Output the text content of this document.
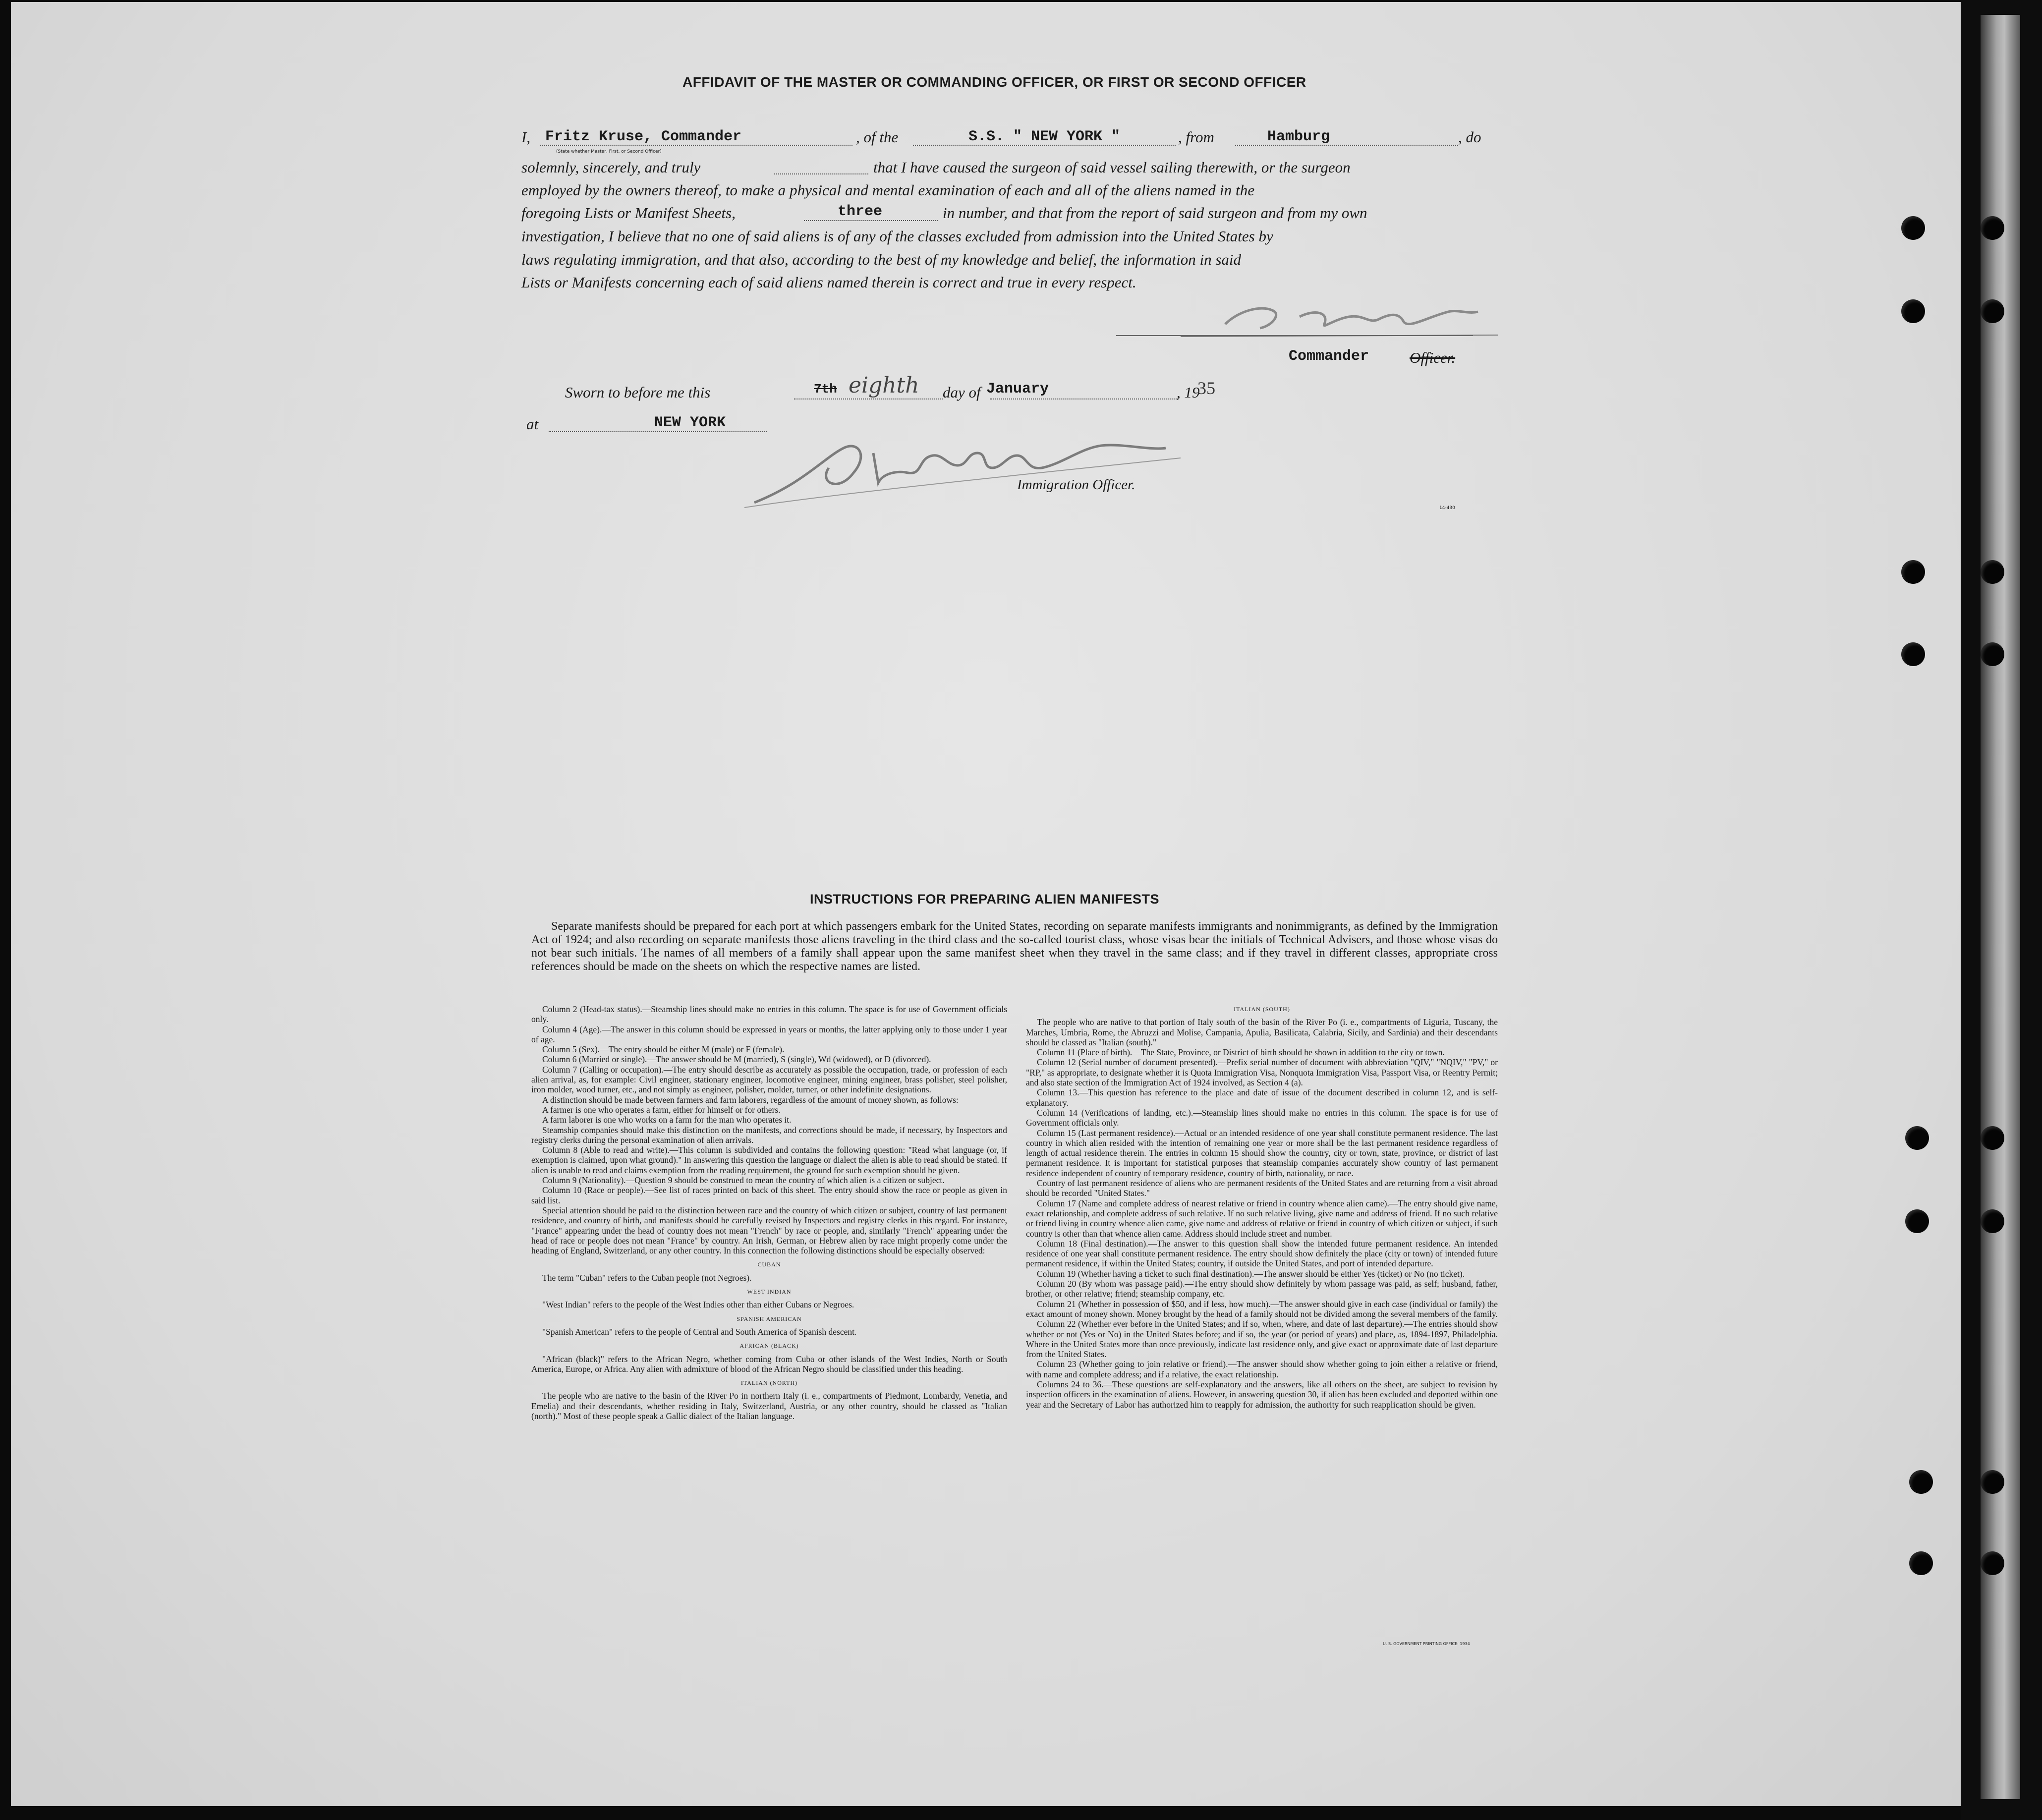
AFFIDAVIT OF THE MASTER OR COMMANDING OFFICER, OR FIRST OR SECOND OFFICER
I, Fritz Kruse, Commander
(State whether Master, First, or Second Officer)
, of the	S.S. " NEW YORK "	, from	Hamburg	, do
solemnly, sincerely, and truly	that I have caused the surgeon of said vessel sailing therewith, or the surgeon
employed by the owners thereof, to make a physical and mental examination of each and all of the aliens named in the
foregoing Lists or Manifest Sheets,	three	in number, and that from the report of said surgeon and from my own
investigation, I believe that no one of said aliens is of any of the classes excluded from admission into the United States by
laws regulating immigration, and that also, according to the best of my knowledge and belief, the information in said
Lists or Manifests concerning each of said aliens named therein is correct and true in every respect.
Commander	Officer.
Sworn to before me this	7th eighth day of January	, 19
35
at	NEW YORK
Immigration Officer.
14-430
INSTRUCTIONS FOR PREPARING ALIEN MANIFESTS
Separate manifests should be prepared for each port at which passengers embark for the United States, recording on separate manifests immigrants and nonimmigrants, as defined by the Immigration Act of 1924; and also recording on separate manifests those aliens traveling in the third class and the so-called tourist class, whose visas bear the initials of Technical Advisers, and those whose visas do not bear such initials. The names of all members of a family shall appear upon the same manifest sheet when they travel in the same class; and if they travel in different classes, appropriate cross references should be made on the sheets on which the respective names are listed.

Column 2 (Head-tax status).—Steamship lines should make no entries in this column. The space is for use of Government officials only.

Column 4 (Age).—The answer in this column should be expressed in years or months, the latter applying only to those under 1 year of age.

Column 5 (Sex).—The entry should be either M (male) or F (female).

Column 6 (Married or single).—The answer should be M (married), S (single), Wd (widowed), or D (divorced).

Column 7 (Calling or occupation).—The entry should describe as accurately as possible the occupation, trade, or profession of each alien arrival, as, for example: Civil engineer, stationary engineer, locomotive engineer, mining engineer, brass polisher, steel polisher, iron molder, wood turner, etc., and not simply as engineer, polisher, molder, turner, or other indefinite designations.

A distinction should be made between farmers and farm laborers, regardless of the amount of money shown, as follows:

A farmer is one who operates a farm, either for himself or for others.

A farm laborer is one who works on a farm for the man who operates it.

Steamship companies should make this distinction on the manifests, and corrections should be made, if necessary, by Inspectors and registry clerks during the personal examination of alien arrivals.

Column 8 (Able to read and write).—This column is subdivided and contains the following question: "Read what language (or, if exemption is claimed, upon what ground)." In answering this question the language or dialect the alien is able to read should be stated. If alien is unable to read and claims exemption from the reading requirement, the ground for such exemption should be given.

Column 9 (Nationality).—Question 9 should be construed to mean the country of which alien is a citizen or subject.

Column 10 (Race or people).—See list of races printed on back of this sheet. The entry should show the race or people as given in said list.

Special attention should be paid to the distinction between race and the country of which citizen or subject, country of last permanent residence, and country of birth, and manifests should be carefully revised by Inspectors and registry clerks in this regard. For instance, "France" appearing under the head of country does not mean "French" by race or people, and, similarly "French" appearing under the head of race or people does not mean "France" by country. An Irish, German, or Hebrew alien by race might properly come under the heading of England, Switzerland, or any other country. In this connection the following distinctions should be especially observed:

CUBAN

The term "Cuban" refers to the Cuban people (not Negroes).

WEST INDIAN

"West Indian" refers to the people of the West Indies other than either Cubans or Negroes.

SPANISH AMERICAN

"Spanish American" refers to the people of Central and South America of Spanish descent.

AFRICAN (BLACK)

"African (black)" refers to the African Negro, whether coming from Cuba or other islands of the West Indies, North or South America, Europe, or Africa. Any alien with admixture of blood of the African Negro should be classified under this heading.

ITALIAN (NORTH)

The people who are native to the basin of the River Po in northern Italy (i. e., compartments of Piedmont, Lombardy, Venetia, and Emelia) and their descendants, whether residing in Italy, Switzerland, Austria, or any other country, should be classed as "Italian (north)." Most of these people speak a Gallic dialect of the Italian language.

ITALIAN (SOUTH)

The people who are native to that portion of Italy south of the basin of the River Po (i. e., compartments of Liguria, Tuscany, the Marches, Umbria, Rome, the Abruzzi and Molise, Campania, Apulia, Basilicata, Calabria, Sicily, and Sardinia) and their descendants should be classed as "Italian (south)."

Column 11 (Place of birth).—The State, Province, or District of birth should be shown in addition to the city or town.

Column 12 (Serial number of document presented).—Prefix serial number of document with abbreviation "QIV," "NQIV," "PV," or "RP," as appropriate, to designate whether it is Quota Immigration Visa, Nonquota Immigration Visa, Passport Visa, or Reentry Permit; and also state section of the Immigration Act of 1924 involved, as Section 4 (a).

Column 13.—This question has reference to the place and date of issue of the document described in column 12, and is self-explanatory.

Column 14 (Verifications of landing, etc.).—Steamship lines should make no entries in this column. The space is for use of Government officials only.

Column 15 (Last permanent residence).—Actual or an intended residence of one year shall constitute permanent residence. The last country in which alien resided with the intention of remaining one year or more shall be the last permanent residence regardless of length of actual residence therein. The entries in column 15 should show the country, city or town, state, province, or district of last permanent residence. It is important for statistical purposes that steamship companies accurately show country of last permanent residence independent of country of temporary residence, country of birth, nationality, or race.

Country of last permanent residence of aliens who are permanent residents of the United States and are returning from a visit abroad should be recorded "United States."

Column 17 (Name and complete address of nearest relative or friend in country whence alien came).—The entry should give name, exact relationship, and complete address of such relative. If no such relative living, give name and address of friend. If no such relative or friend living in country whence alien came, give name and address of relative or friend in country of which citizen or subject, if such country is other than that whence alien came. Address should include street and number.

Column 18 (Final destination).—The answer to this question shall show the intended future permanent residence. An intended residence of one year shall constitute permanent residence. The entry should show definitely the place (city or town) of intended future permanent residence, if within the United States; country, if outside the United States, and port of intended departure.

Column 19 (Whether having a ticket to such final destination).—The answer should be either Yes (ticket) or No (no ticket).

Column 20 (By whom was passage paid).—The entry should show definitely by whom passage was paid, as self; husband, father, brother, or other relative; friend; steamship company, etc.

Column 21 (Whether in possession of $50, and if less, how much).—The answer should give in each case (individual or family) the exact amount of money shown. Money brought by the head of a family should not be divided among the several members of the family.

Column 22 (Whether ever before in the United States; and if so, when, where, and date of last departure).—The entries should show whether or not (Yes or No) in the United States before; and if so, the year (or period of years) and place, as, 1894-1897, Philadelphia. Where in the United States more than once previously, indicate last residence only, and give exact or approximate date of last departure from the United States.

Column 23 (Whether going to join relative or friend).—The answer should show whether going to join either a relative or friend, with name and complete address; and if a relative, the exact relationship.

Columns 24 to 36.—These questions are self-explanatory and the answers, like all others on the sheet, are subject to revision by inspection officers in the examination of aliens. However, in answering question 30, if alien has been excluded and deported within one year and the Secretary of Labor has authorized him to reapply for admission, the authority for such reapplication should be given.

U. S. GOVERNMENT PRINTING OFFICE: 1934
